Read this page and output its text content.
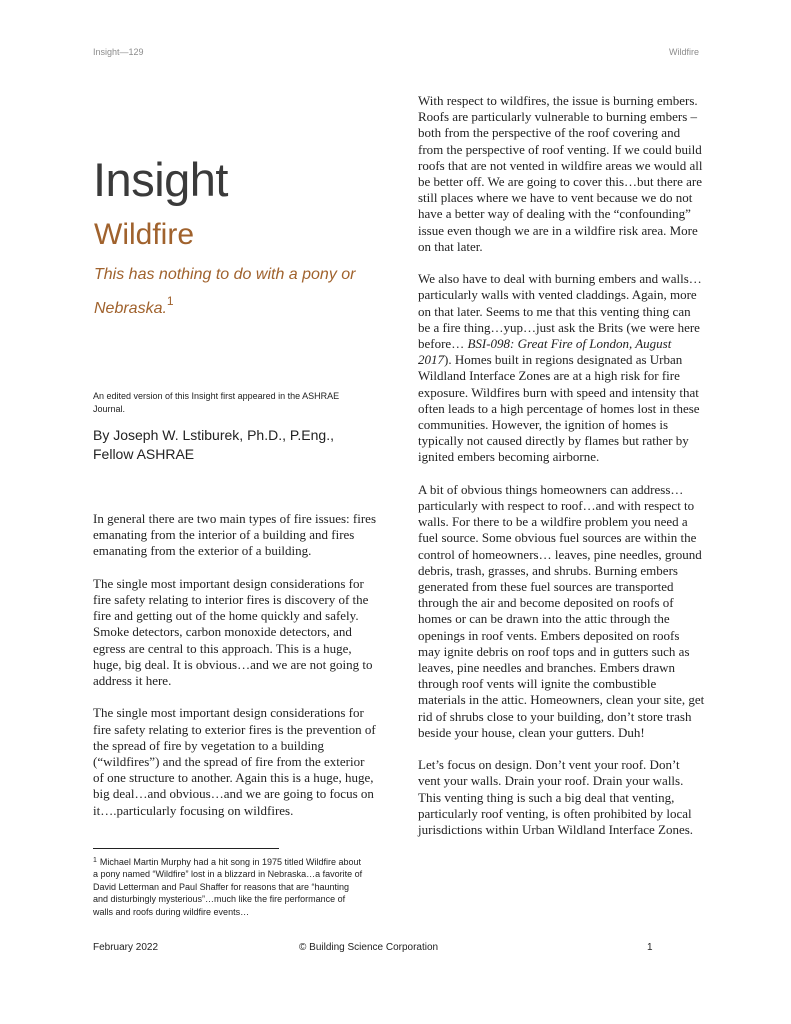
Insight—129	Wildfire
Insight
Wildfire
This has nothing to do with a pony or Nebraska.$^1$
An edited version of this Insight first appeared in the ASHRAE Journal.
By Joseph W. Lstiburek, Ph.D., P.Eng., Fellow ASHRAE

In general there are two main types of fire issues: fires emanating from the interior of a building and fires emanating from the exterior of a building.

The single most important design considerations for fire safety relating to interior fires is discovery of the fire and getting out of the home quickly and safely. Smoke detectors, carbon monoxide detectors, and egress are central to this approach. This is a huge, huge, big deal. It is obvious…and we are not going to address it here.

The single most important design considerations for fire safety relating to exterior fires is the prevention of the spread of fire by vegetation to a building (“wildfires”) and the spread of fire from the exterior of one structure to another. Again this is a huge, huge, big deal…and obvious…and we are going to focus on it….particularly focusing on wildfires.

With respect to wildfires, the issue is burning embers. Roofs are particularly vulnerable to burning embers – both from the perspective of the roof covering and from the perspective of roof venting. If we could build roofs that are not vented in wildfire areas we would all be better off. We are going to cover this…but there are still places where we have to vent because we do not have a better way of dealing with the “confounding” issue even though we are in a wildfire risk area. More on that later.

We also have to deal with burning embers and walls…particularly walls with vented claddings. Again, more on that later. Seems to me that this venting thing can be a fire thing…yup…just ask the Brits (we were here before… BSI-098: Great Fire of London, August 2017). Homes built in regions designated as Urban Wildland Interface Zones are at a high risk for fire exposure. Wildfires burn with speed and intensity that often leads to a high percentage of homes lost in these communities. However, the ignition of homes is typically not caused directly by flames but rather by ignited embers becoming airborne.

A bit of obvious things homeowners can address…particularly with respect to roof…and with respect to walls. For there to be a wildfire problem you need a fuel source. Some obvious fuel sources are within the control of homeowners… leaves, pine needles, ground debris, trash, grasses, and shrubs. Burning embers generated from these fuel sources are transported through the air and become deposited on roofs of homes or can be drawn into the attic through the openings in roof vents. Embers deposited on roofs may ignite debris on roof tops and in gutters such as leaves, pine needles and branches. Embers drawn through roof vents will ignite the combustible materials in the attic. Homeowners, clean your site, get rid of shrubs close to your building, don’t store trash beside your house, clean your gutters. Duh!

Let’s focus on design. Don’t vent your roof. Don’t vent your walls. Drain your roof. Drain your walls. This venting thing is such a big deal that venting, particularly roof venting, is often prohibited by local jurisdictions within Urban Wildland Interface Zones.

$^1$ Michael Martin Murphy had a hit song in 1975 titled Wildfire about a pony named “Wildfire” lost in a blizzard in Nebraska…a favorite of David Letterman and Paul Shaffer for reasons that are “haunting and disturbingly mysterious”…much like the fire performance of walls and roofs during wildfire events…
February 2022	© Building Science Corporation	1
